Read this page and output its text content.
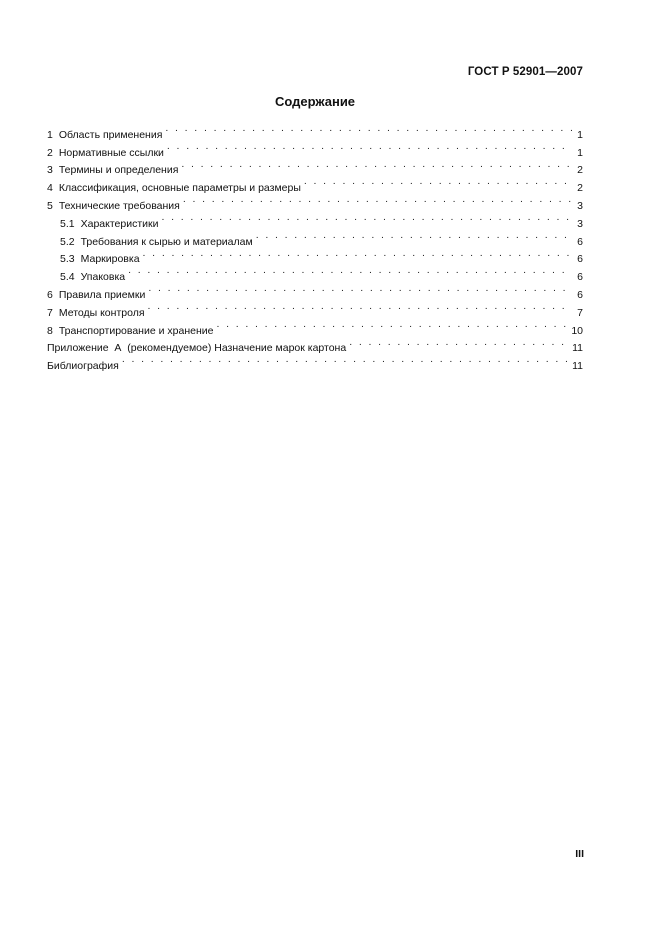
ГОСТ Р 52901—2007
Содержание
1 Область применения . . .	1
2 Нормативные ссылки . . .	1
3 Термины и определения . . .	2
4 Классификация, основные параметры и размеры . . .	2
5 Технические требования . . .	3
5.1 Характеристики . . .	3
5.2 Требования к сырью и материалам . . .	6
5.3 Маркировка . . .	6
5.4 Упаковка . . .	6
6 Правила приемки . . .	6
7 Методы контроля . . .	7
8 Транспортирование и хранение . . .	10
Приложение  А  (рекомендуемое) Назначение марок картона . . .	11
Библиография . . .	11
III
